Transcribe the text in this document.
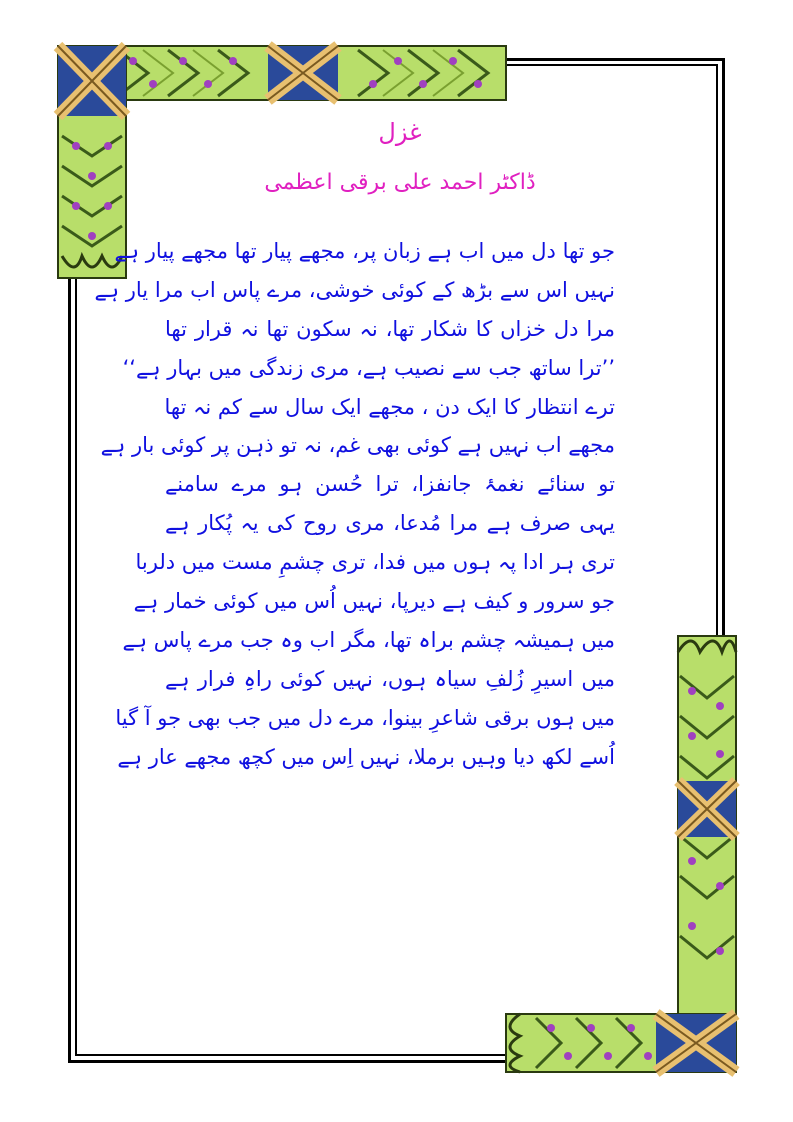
غزل
ڈاکٹر احمد علی برقی اعظمی
جو تھا دل میں اب ہے زبان پر، مجھے پیار تھا مجھے پیار ہے
نہیں اس سے بڑھ کے کوئی خوشی، مرے پاس اب مرا یار ہے
مرا دل خزاں کا شکار تھا، نہ سکون تھا نہ قرار تھا
’’ترا ساتھ جب سے نصیب ہے، مری زندگی میں بہار ہے‘‘
ترے انتظار کا ایک دن ، مجھے ایک سال سے کم نہ تھا
مجھے اب نہیں ہے کوئی بھی غم، نہ تو ذہن پر کوئی بار ہے
تو سنائے نغمۂ جانفزا، ترا حُسن ہو مرے سامنے
یہی صرف ہے مرا مُدعا، مری روح کی یہ پُکار ہے
تری ہر ادا پہ ہوں میں فدا، تری چشمِ مست میں دلربا
جو سرور و کیف ہے دیرپا، نہیں اُس میں کوئی خمار ہے
میں ہمیشہ چشم براہ تھا، مگر اب وہ جب مرے پاس ہے
میں اسیرِ زُلفِ سیاہ ہوں، نہیں کوئی راہِ فرار ہے
میں ہوں برقی شاعرِ بینوا، مرے دل میں جب بھی جو آ گیا
اُسے لکھ دیا وہیں برملا، نہیں اِس میں کچھ مجھے عار ہے
